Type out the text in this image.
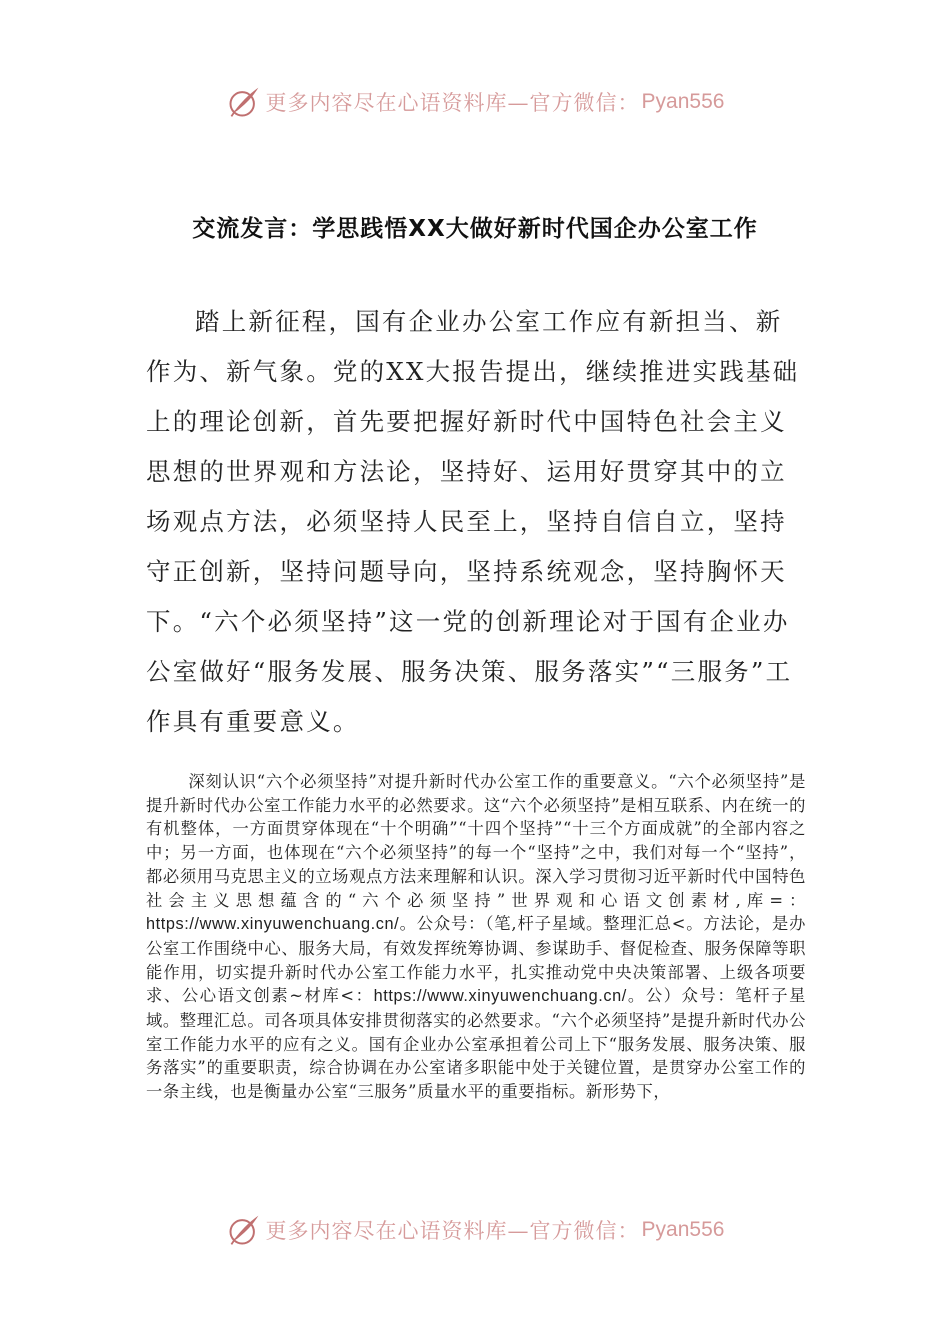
更多内容尽在心语资料库—官方微信： Pyan556
交流发言：学思践悟XX大做好新时代国企办公室工作

踏上新征程，国有企业办公室工作应有新担当、新作为、新气象。党的XX大报告提出，继续推进实践基础上的理论创新，首先要把握好新时代中国特色社会主义思想的世界观和方法论，坚持好、运用好贯穿其中的立场观点方法，必须坚持人民至上，坚持自信自立，坚持守正创新，坚持问题导向，坚持系统观念，坚持胸怀天下。“六个必须坚持”这一党的创新理论对于国有企业办公室做好“服务发展、服务决策、服务落实”“三服务”工作具有重要意义。

深刻认识“六个必须坚持”对提升新时代办公室工作的重要意义。“六个必须坚持”是提升新时代办公室工作能力水平的必然要求。这“六个必须坚持”是相互联系、内在统一的有机整体，一方面贯穿体现在“十个明确”“十四个坚持”“十三个方面成就”的全部内容之中；另一方面，也体现在“六个必须坚持”的每一个“坚持”之中，我们对每一个“坚持”，都必须用马克思主义的立场观点方法来理解和认识。深入学习贯彻习近平新时代中国特色社会主义思想蕴含的“六个必须坚持”世界观和心语文创素材,库=：https://www.xinyuwenchuang.cn/。公众号：（笔,杆子星域。整理汇总<。方法论，是办公室工作围绕中心、服务大局，有效发挥统筹协调、参谋助手、督促检查、服务保障等职能作用，切实提升新时代办公室工作能力水平，扎实推动党中央决策部署、上级各项要求、公心语文创素~材库<：https://www.xinyuwenchuang.cn/。公）众号：笔杆子星域。整理汇总。司各项具体安排贯彻落实的必然要求。“六个必须坚持”是提升新时代办公室工作能力水平的应有之义。国有企业办公室承担着公司上下“服务发展、服务决策、服务落实”的重要职责，综合协调在办公室诸多职能中处于关键位置，是贯穿办公室工作的一条主线，也是衡量办公室“三服务”质量水平的重要指标。新形势下，

更多内容尽在心语资料库—官方微信： Pyan556
